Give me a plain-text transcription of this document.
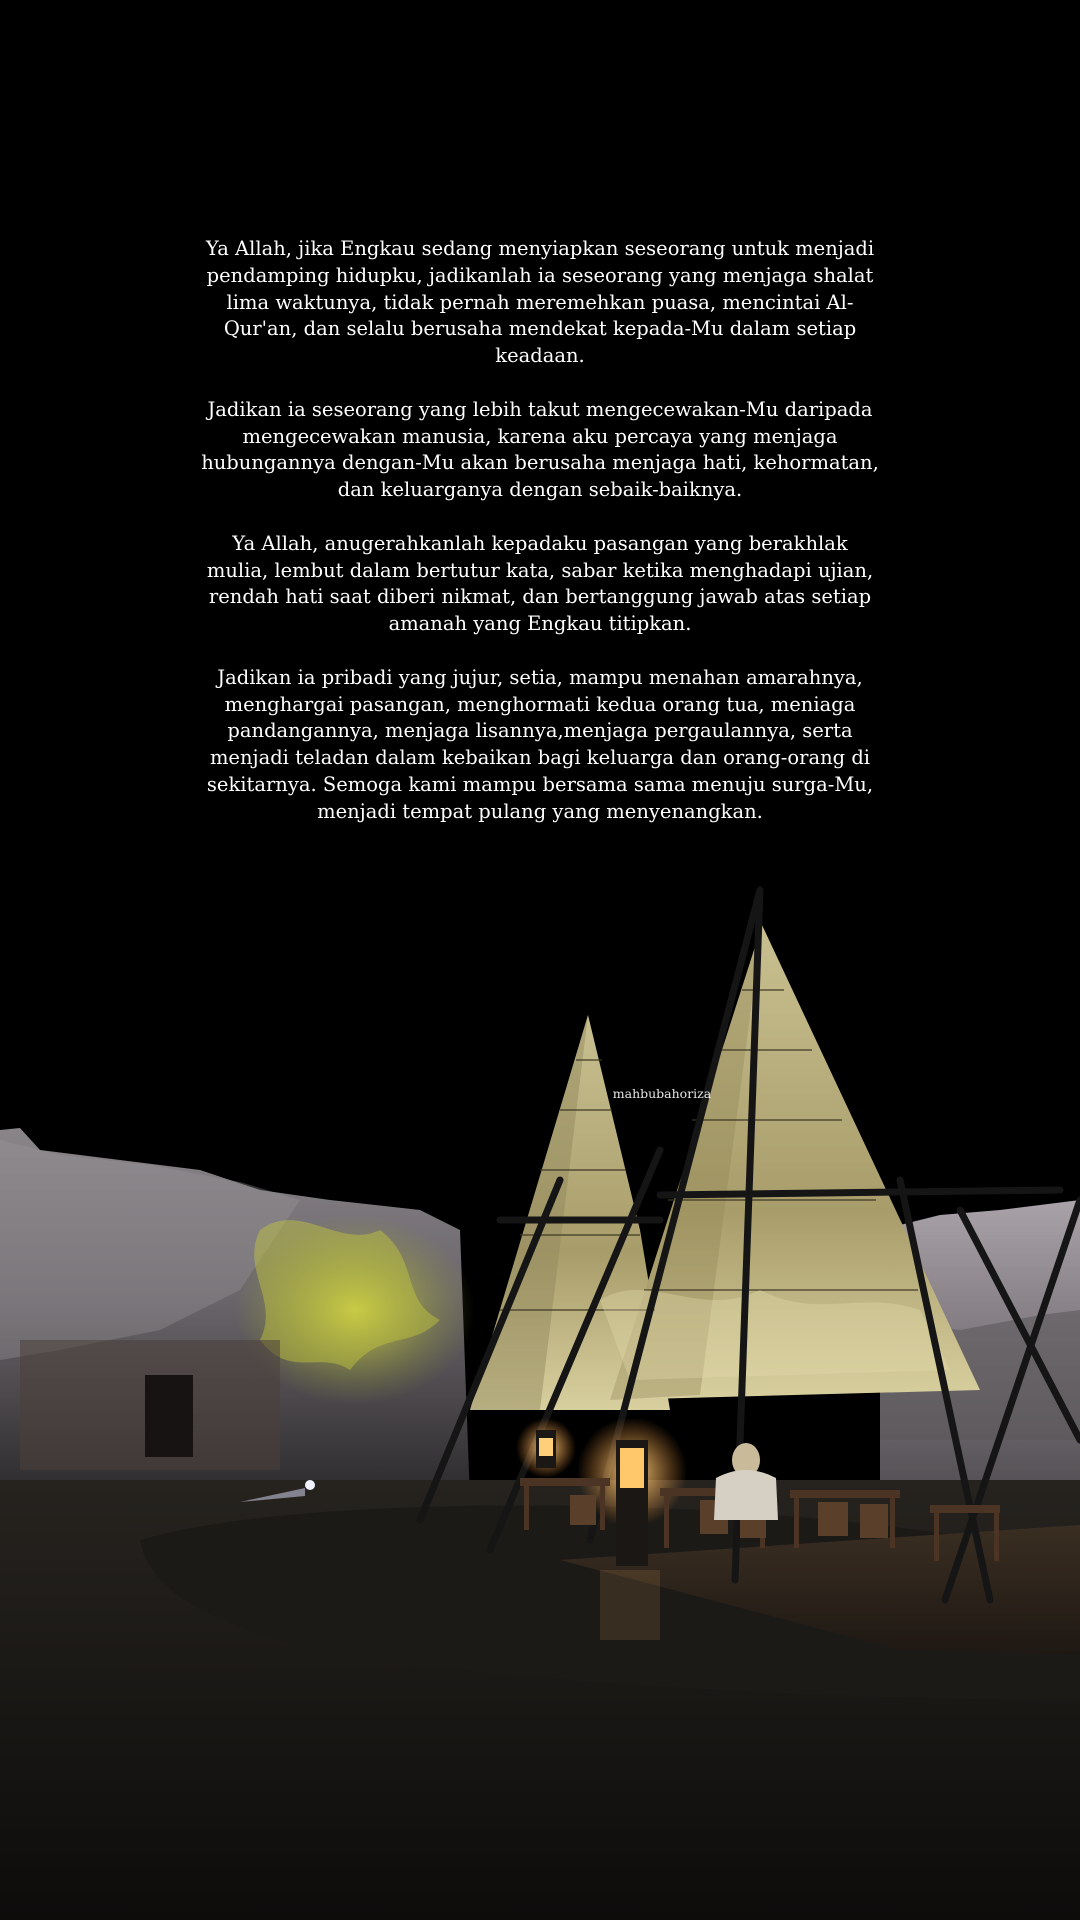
Ya Allah, jika Engkau sedang menyiapkan seseorang untuk menjadi pendamping hidupku, jadikanlah ia seseorang yang menjaga shalat lima waktunya, tidak pernah meremehkan puasa, mencintai Al-Qur'an, dan selalu berusaha mendekat kepada-Mu dalam setiap keadaan.

Jadikan ia seseorang yang lebih takut mengecewakan-Mu daripada mengecewakan manusia, karena aku percaya yang menjaga hubungannya dengan-Mu akan berusaha menjaga hati, kehormatan, dan keluarganya dengan sebaik-baiknya.

Ya Allah, anugerahkanlah kepadaku pasangan yang berakhlak mulia, lembut dalam bertutur kata, sabar ketika menghadapi ujian, rendah hati saat diberi nikmat, dan bertanggung jawab atas setiap amanah yang Engkau titipkan.

Jadikan ia pribadi yang jujur, setia, mampu menahan amarahnya, menghargai pasangan, menghormati kedua orang tua, meniaga pandangannya, menjaga lisannya,menjaga pergaulannya, serta menjadi teladan dalam kebaikan bagi keluarga dan orang-orang di sekitarnya. Semoga kami mampu bersama sama menuju surga-Mu, menjadi tempat pulang yang menyenangkan.

mahbubahoriza
